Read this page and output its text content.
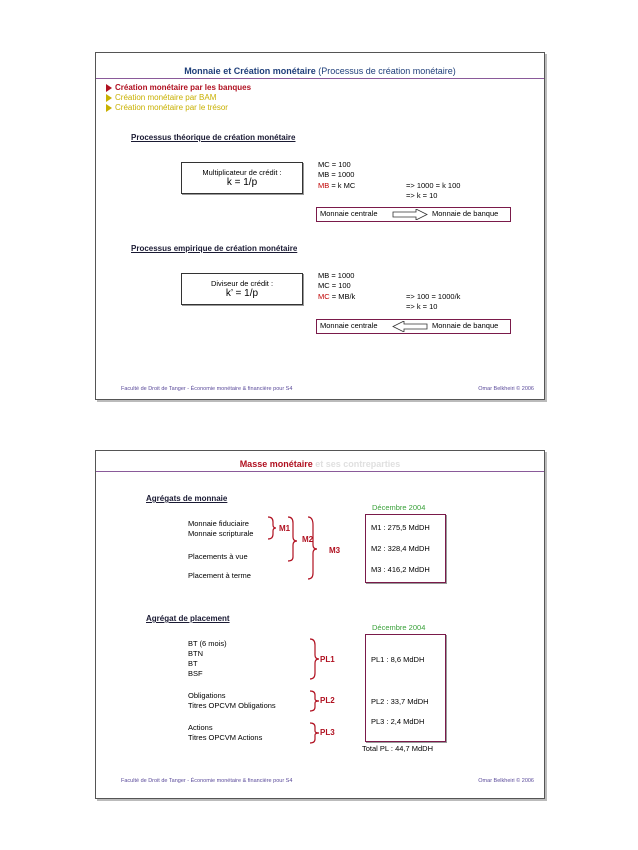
Monnaie et Création monétaire (Processus de création monétaire)
Création monétaire par les banques
Création monétaire par BAM
Création monétaire par le trésor
Processus théorique de création monétaire
Multiplicateur de crédit :
k = 1/p
MC = 100
MB = 1000
MB = k MC	=> 1000 = k 100
=> k = 10
Monnaie centrale	Monnaie de banque
Processus empirique de création monétaire
Diviseur de crédit :
k’ = 1/p
MB = 1000
MC = 100
MC = MB/k	=> 100 = 1000/k
=> k = 10
Monnaie centrale	Monnaie de banque
Faculté de Droit de Tanger - Économie monétaire & financière pour S4	Omar Belkheiri © 2006
Masse monétaire et ses contreparties
Agrégats de monnaie
Monnaie fiduciaire
Monnaie scripturale
Placements à vue
Placement à terme
M1
M2
M3
Décembre 2004
M1 : 275,5 MdDH
M2 : 328,4 MdDH
M3 : 416,2 MdDH
Agrégat de placement
BT (6 mois)
BTN
BT
BSF
Obligations
Titres OPCVM Obligations
Actions
Titres OPCVM Actions
PL1
PL2
PL3
Décembre 2004
PL1 : 8,6 MdDH
PL2 : 33,7 MdDH
PL3 : 2,4 MdDH
Total PL : 44,7 MdDH
Faculté de Droit de Tanger - Économie monétaire & financière pour S4	Omar Belkheiri © 2006
